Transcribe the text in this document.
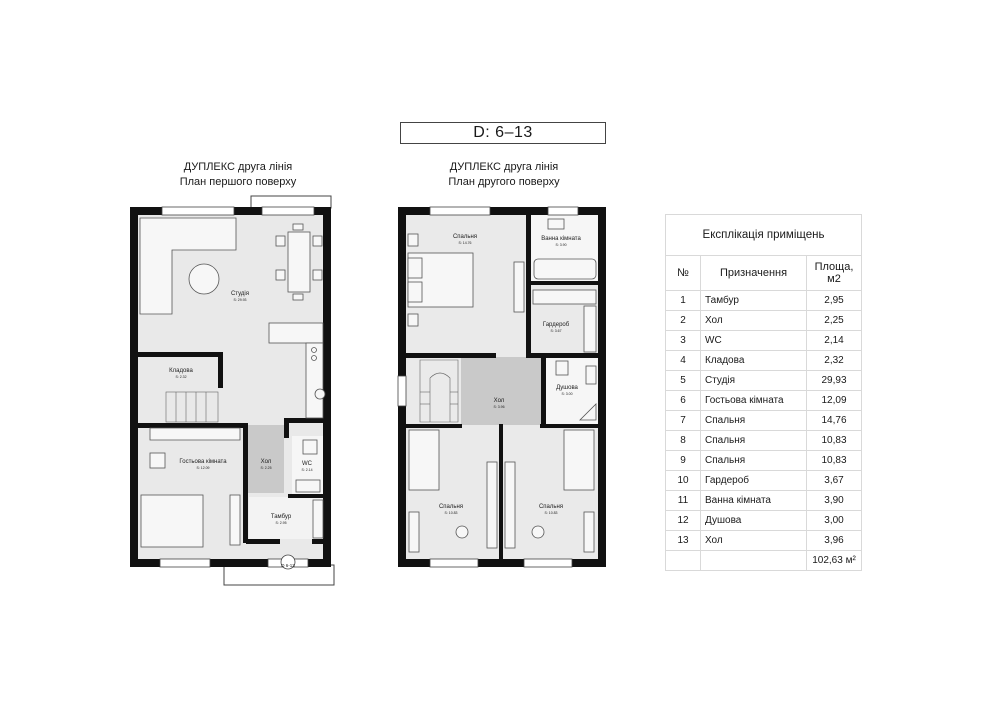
D: 6–13
ДУПЛЕКС друга лінія
План першого поверху
ДУПЛЕКС друга лінія
План другого поверху
Студія
S: 29.93
Кладова
S: 2.32
Гостьова кімната
S: 12.09
Хол
S: 2.25
WC
S: 2.14
Тамбур
S: 2.95
D 6-13
Спальня
S: 14.76
Ванна кімната
S: 3.90
Гардероб
S: 3.67
Хол
S: 3.96
Душова
S: 3.00
Спальня
S: 10.83
Спальня
S: 10.83
Експлікація приміщень		
№	Призначення	Площа, м2
1	Тамбур	2,95
2	Хол	2,25
3	WC	2,14
4	Кладова	2,32
5	Студія	29,93
6	Гостьова кімната	12,09
7	Спальня	14,76
8	Спальня	10,83
9	Спальня	10,83
10	Гардероб	3,67
11	Ванна кімната	3,90
12	Душова	3,00
13	Хол	3,96
		102,63 м²
